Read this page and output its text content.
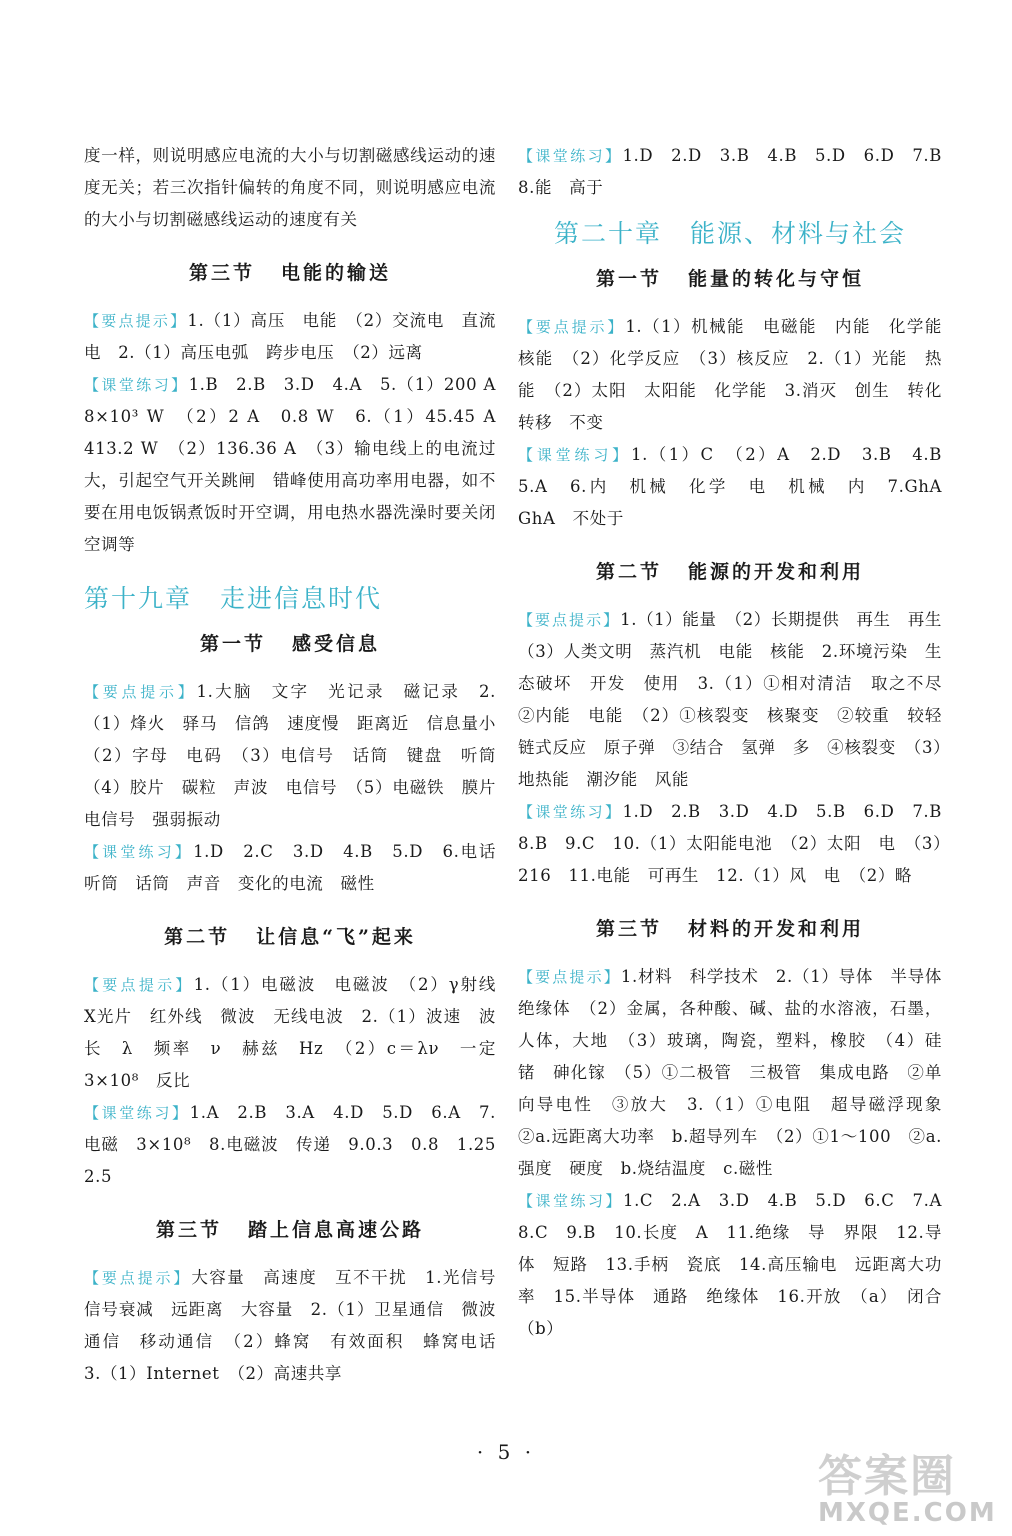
度一样，则说明感应电流的大小与切割磁感线运动的速度无关；若三次指针偏转的角度不同，则说明感应电流的大小与切割磁感线运动的速度有关

第三节 电能的输送

【要点提示】1.（1）高压　电能　（2）交流电　直流电　2.（1）高压电弧　跨步电压　（2）远离

【课堂练习】1.B　2.B　3.D　4.A　5.（1）200 A　8×10³ W　（2）2 A　0.8 W　6.（1）45.45 A　413.2 W　（2）136.36 A　（3）输电线上的电流过大，引起空气开关跳闸　错峰使用高功率用电器，如不要在用电饭锅煮饭时开空调，用电热水器洗澡时要关闭空调等

第十九章 走进信息时代
第一节 感受信息

【要点提示】1.大脑　文字　光记录　磁记录　2.（1）烽火　驿马　信鸽　速度慢　距离近　信息量小　（2）字母　电码　（3）电信号　话筒　键盘　听筒　（4）胶片　碳粒　声波　电信号　（5）电磁铁　膜片　电信号　强弱振动

【课堂练习】1.D　2.C　3.D　4.B　5.D　6.电话　听筒　话筒　声音　变化的电流　磁性

第二节 让信息“飞”起来

【要点提示】1.（1）电磁波　电磁波　（2）γ射线　X光片　红外线　微波　无线电波　2.（1）波速　波长　λ　频率　ν　赫兹　Hz　（2）c＝λν　一定　3×10⁸　反比

【课堂练习】1.A　2.B　3.A　4.D　5.D　6.A　7.电磁　3×10⁸　8.电磁波　传递　9.0.3　0.8　1.25　2.5

第三节 踏上信息高速公路

【要点提示】大容量　高速度　互不干扰　1.光信号　信号衰减　远距离　大容量　2.（1）卫星通信　微波通信　移动通信　（2）蜂窝　有效面积　蜂窝电话　3.（1）Internet　（2）高速共享

【课堂练习】1.D　2.D　3.B　4.B　5.D　6.D　7.B　8.能　高于

第二十章 能源、材料与社会
第一节 能量的转化与守恒

【要点提示】1.（1）机械能　电磁能　内能　化学能　核能　（2）化学反应　（3）核反应　2.（1）光能　热能　（2）太阳　太阳能　化学能　3.消灭　创生　转化　转移　不变

【课堂练习】1.（1）C　（2）A　2.D　3.B　4.B　5.A　6.内　机械　化学　电　机械　内　7.GhA　GhA　不处于

第二节 能源的开发和利用

【要点提示】1.（1）能量　（2）长期提供　再生　再生　（3）人类文明　蒸汽机　电能　核能　2.环境污染　生态破坏　开发　使用　3.（1）①相对清洁　取之不尽　②内能　电能　（2）①核裂变　核聚变　②较重　较轻　链式反应　原子弹　③结合　氢弹　多　④核裂变　（3）地热能　潮汐能　风能

【课堂练习】1.D　2.B　3.D　4.D　5.B　6.D　7.B　8.B　9.C　10.（1）太阳能电池　（2）太阳　电　（3）216　11.电能　可再生　12.（1）风　电　（2）略

第三节 材料的开发和利用

【要点提示】1.材料　科学技术　2.（1）导体　半导体　绝缘体　（2）金属，各种酸、碱、盐的水溶液，石墨，人体，大地　（3）玻璃，陶瓷，塑料，橡胶　（4）硅　锗　砷化镓　（5）①二极管　三极管　集成电路　②单向导电性　③放大　3.（1）①电阻　超导磁浮现象　②a.远距离大功率　b.超导列车　（2）①1～100　②a.强度　硬度　b.烧结温度　c.磁性

【课堂练习】1.C　2.A　3.D　4.B　5.D　6.C　7.A　8.C　9.B　10.长度　A　11.绝缘　导　界限　12.导体　短路　13.手柄　瓷底　14.高压输电　远距离大功率　15.半导体　通路　绝缘体　16.开放　（a）　闭合　（b）

· 5 ·	答案圈
MXQE.COM
